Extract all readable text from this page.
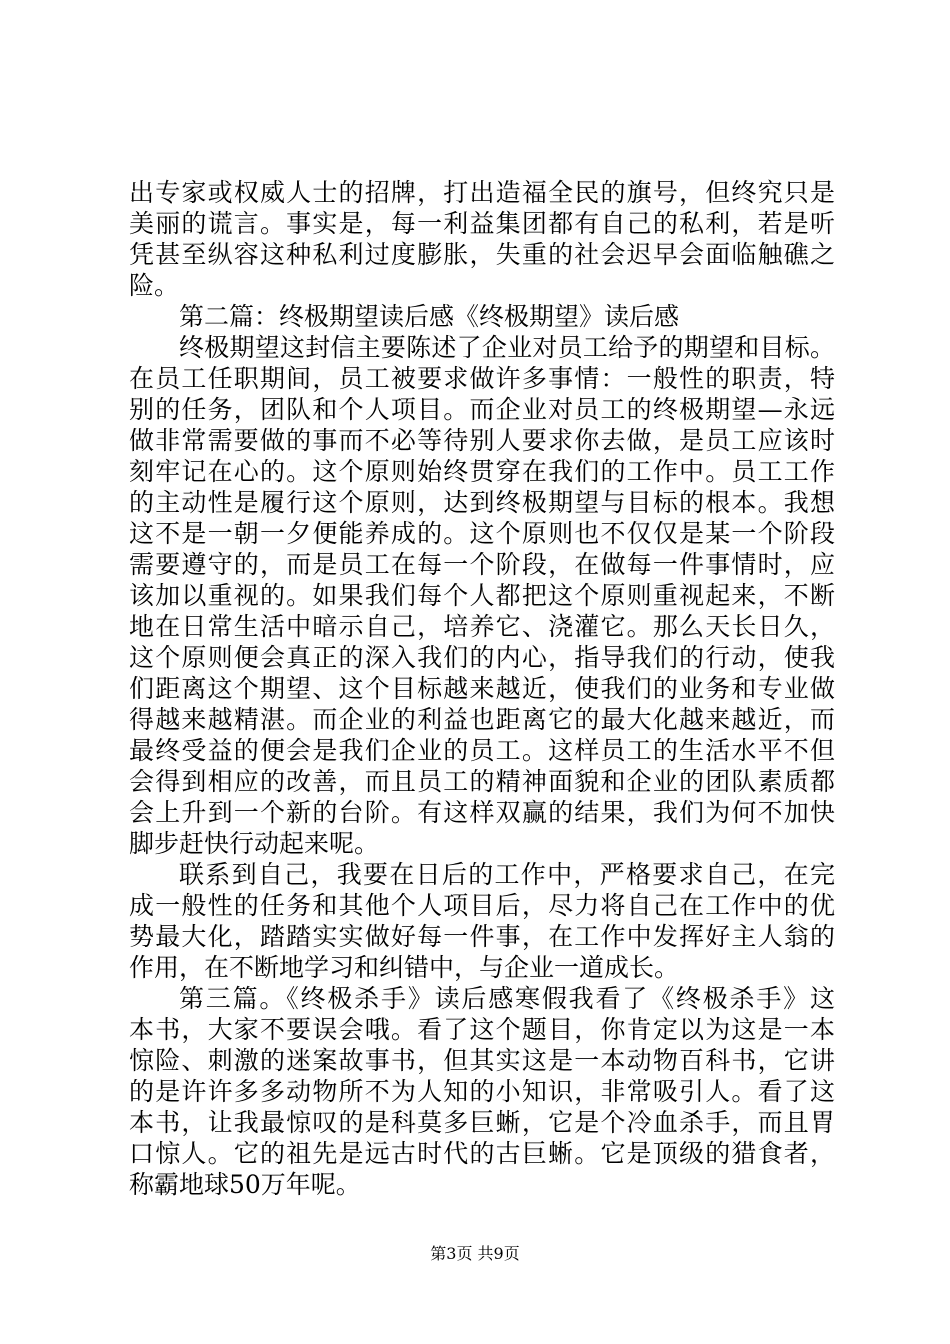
出专家或权威人士的招牌，打出造福全民的旗号，但终究只是
美丽的谎言。事实是，每一利益集团都有自己的私利，若是听
凭甚至纵容这种私利过度膨胀，失重的社会迟早会面临触礁之
险。
第二篇：终极期望读后感《终极期望》读后感
终极期望这封信主要陈述了企业对员工给予的期望和目标。
在员工任职期间，员工被要求做许多事情：一般性的职责，特
别的任务，团队和个人项目。而企业对员工的终极期望—永远
做非常需要做的事而不必等待别人要求你去做，是员工应该时
刻牢记在心的。这个原则始终贯穿在我们的工作中。员工工作
的主动性是履行这个原则，达到终极期望与目标的根本。我想
这不是一朝一夕便能养成的。这个原则也不仅仅是某一个阶段
需要遵守的，而是员工在每一个阶段，在做每一件事情时，应
该加以重视的。如果我们每个人都把这个原则重视起来，不断
地在日常生活中暗示自己，培养它、浇灌它。那么天长日久，
这个原则便会真正的深入我们的内心，指导我们的行动，使我
们距离这个期望、这个目标越来越近，使我们的业务和专业做
得越来越精湛。而企业的利益也距离它的最大化越来越近，而
最终受益的便会是我们企业的员工。这样员工的生活水平不但
会得到相应的改善，而且员工的精神面貌和企业的团队素质都
会上升到一个新的台阶。有这样双赢的结果，我们为何不加快
脚步赶快行动起来呢。
联系到自己，我要在日后的工作中，严格要求自己，在完
成一般性的任务和其他个人项目后，尽力将自己在工作中的优
势最大化，踏踏实实做好每一件事，在工作中发挥好主人翁的
作用，在不断地学习和纠错中，与企业一道成长。
第三篇。《终极杀手》读后感寒假我看了《终极杀手》这
本书，大家不要误会哦。看了这个题目，你肯定以为这是一本
惊险、刺激的迷案故事书，但其实这是一本动物百科书，它讲
的是许许多多动物所不为人知的小知识，非常吸引人。看了这
本书，让我最惊叹的是科莫多巨蜥，它是个冷血杀手，而且胃
口惊人。它的祖先是远古时代的古巨蜥。它是顶级的猎食者，
称霸地球50万年呢。
第3页 共9页
